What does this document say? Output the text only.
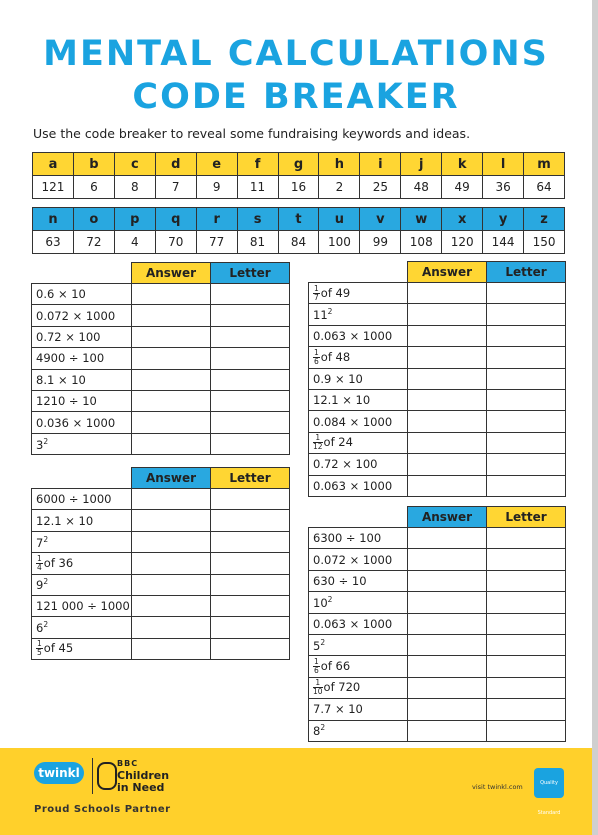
MENTAL CALCULATIONS
CODE BREAKER
Use the code breaker to reveal some fundraising keywords and ideas.
a	b	c	d	e	f	g	h	i	j	k	l	m
121	6	8	7	9	11	16	2	25	48	49	36	64
n	o	p	q	r	s	t	u	v	w	x	y	z
63	72	4	70	77	81	84	100	99	108	120	144	150
	Answer	Letter
0.6 × 10		
0.072 × 1000		
0.72 × 100		
4900 ÷ 100		
8.1 × 10		
1210 ÷ 10		
0.036 × 1000		
$3^2$		
	Answer	Letter
6000 ÷ 1000		
12.1 × 10		
$7^2$		

$\frac{1}{4}$ of 36		
$9^2$		
121 000 ÷ 1000		
$6^2$		

$\frac{1}{5}$ of 45		
	Answer	Letter

$\frac{1}{7}$ of 49		
$11^2$		
0.063 × 1000		

$\frac{1}{6}$ of 48		
0.9 × 10		
12.1 × 10		
0.084 × 1000		

$\frac{1}{12}$ of 24		
0.72 × 100		
0.063 × 1000		
	Answer	Letter
6300 ÷ 100		
0.072 × 1000		
630 ÷ 10		
$10^2$		
0.063 × 1000		
$5^2$		

$\frac{1}{6}$ of 66		

$\frac{1}{10}$ of 720		
7.7 × 10		
$8^2$		
twinkl
BBC
Children
in Need
Proud Schools Partner
visit twinkl.com	Quality Standard
